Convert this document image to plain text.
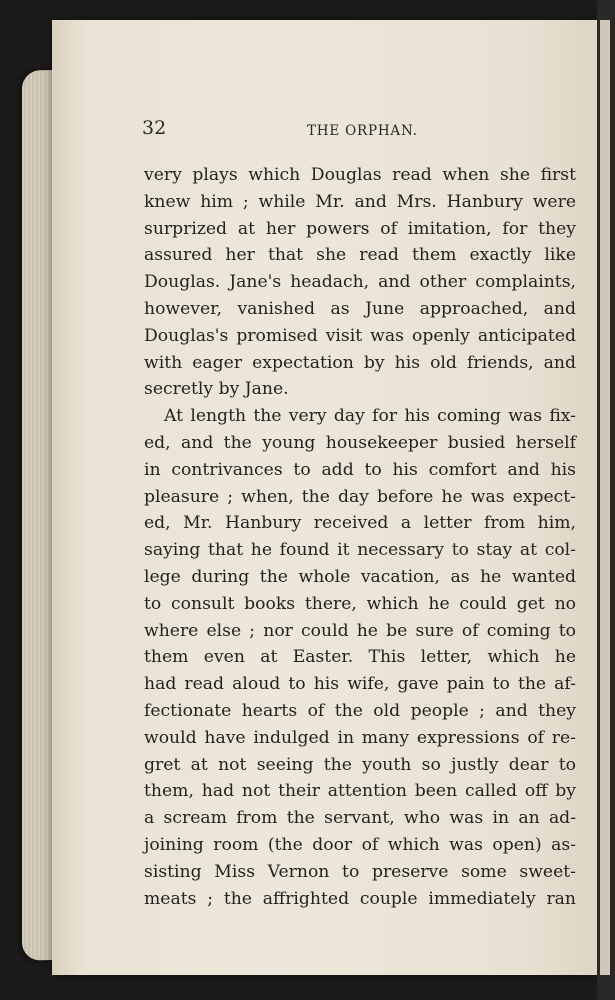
32	THE ORPHAN.
very plays which Douglas read when she first
knew him ; while Mr. and Mrs. Hanbury were
surprized at her powers of imitation, for they
assured her that she read them exactly like
Douglas. Jane's headach, and other complaints,
however, vanished as June approached, and
Douglas's promised visit was openly anticipated
with eager expectation by his old friends, and
secretly by Jane.
At length the very day for his coming was fix-
ed, and the young housekeeper busied herself
in contrivances to add to his comfort and his
pleasure ; when, the day before he was expect-
ed, Mr. Hanbury received a letter from him,
saying that he found it necessary to stay at col-
lege during the whole vacation, as he wanted
to consult books there, which he could get no
where else ; nor could he be sure of coming to
them even at Easter. This letter, which he
had read aloud to his wife, gave pain to the af-
fectionate hearts of the old people ; and they
would have indulged in many expressions of re-
gret at not seeing the youth so justly dear to
them, had not their attention been called off by
a scream from the servant, who was in an ad-
joining room (the door of which was open) as-
sisting Miss Vernon to preserve some sweet-
meats ; the affrighted couple immediately ran
